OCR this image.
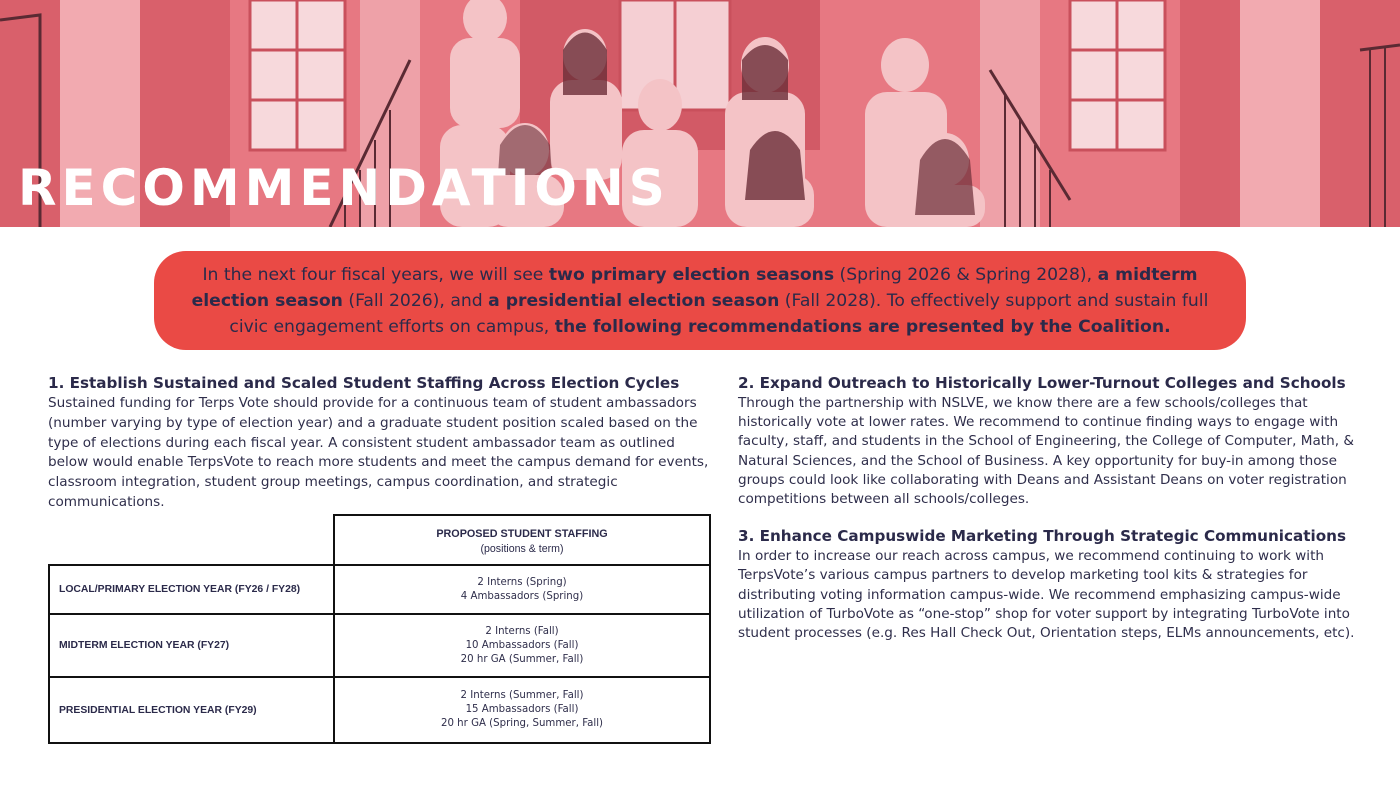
RECOMMENDATIONS
In the next four fiscal years, we will see two primary election seasons (Spring 2026 & Spring 2028), a midterm election season (Fall 2026), and a presidential election season (Fall 2028). To effectively support and sustain full civic engagement efforts on campus, the following recommendations are presented by the Coalition.
1. Establish Sustained and Scaled Student Staffing Across Election Cycles
Sustained funding for Terps Vote should provide for a continuous team of student ambassadors (number varying by type of election year) and a graduate student position scaled based on the type of elections during each fiscal year. A consistent student ambassador team as outlined below would enable TerpsVote to reach more students and meet the campus demand for events, classroom integration, student group meetings, campus coordination, and strategic communications.

	PROPOSED STUDENT STAFFING
(positions & term)

LOCAL/PRIMARY ELECTION YEAR (FY26 / FY28)	2 Interns (Spring)
4 Ambassadors (Spring)

MIDTERM ELECTION YEAR (FY27)	2 Interns (Fall)
10 Ambassadors (Fall)
20 hr GA (Summer, Fall)

PRESIDENTIAL ELECTION YEAR (FY29)	2 Interns (Summer, Fall)
15 Ambassadors (Fall)
20 hr GA (Spring, Summer, Fall)
2. Expand Outreach to Historically Lower-Turnout Colleges and Schools
Through the partnership with NSLVE, we know there are a few schools/colleges that historically vote at lower rates. We recommend to continue finding ways to engage with faculty, staff, and students in the School of Engineering, the College of Computer, Math, & Natural Sciences, and the School of Business. A key opportunity for buy-in among those groups could look like collaborating with Deans and Assistant Deans on voter registration competitions between all schools/colleges.
3. Enhance Campuswide Marketing Through Strategic Communications
In order to increase our reach across campus, we recommend continuing to work with TerpsVote’s various campus partners to develop marketing tool kits & strategies for distributing voting information campus-wide. We recommend emphasizing campus-wide utilization of TurboVote as “one-stop” shop for voter support by integrating TurboVote into student processes (e.g. Res Hall Check Out, Orientation steps, ELMs announcements, etc).
